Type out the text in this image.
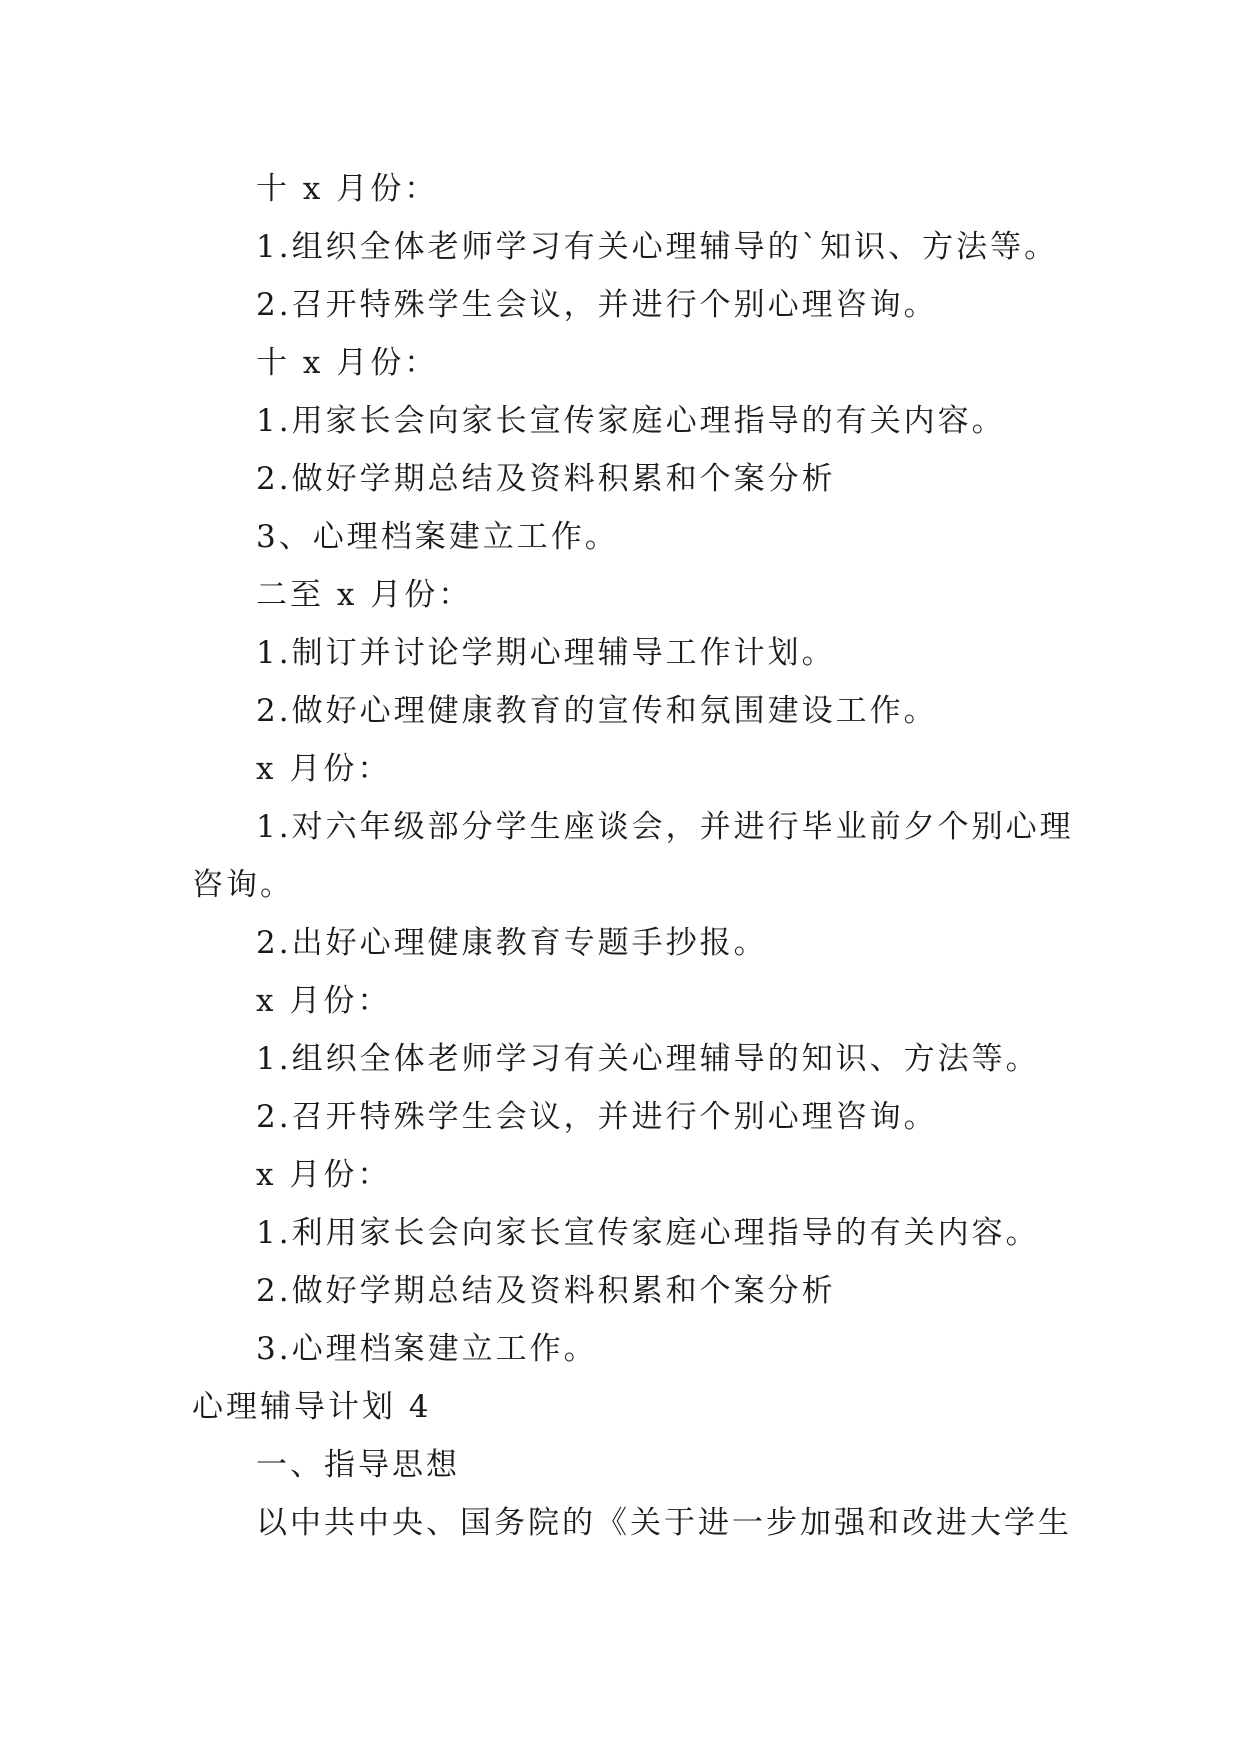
十 x 月份：
1.组织全体老师学习有关心理辅导的`知识、方法等。
2.召开特殊学生会议，并进行个别心理咨询。
十 x 月份：
1.用家长会向家长宣传家庭心理指导的有关内容。
2.做好学期总结及资料积累和个案分析
3、心理档案建立工作。
二至 x 月份：
1.制订并讨论学期心理辅导工作计划。
2.做好心理健康教育的宣传和氛围建设工作。
x 月份：
1.对六年级部分学生座谈会，并进行毕业前夕个别心理
咨询。
2.出好心理健康教育专题手抄报。
x 月份：
1.组织全体老师学习有关心理辅导的知识、方法等。
2.召开特殊学生会议，并进行个别心理咨询。
x 月份：
1.利用家长会向家长宣传家庭心理指导的有关内容。
2.做好学期总结及资料积累和个案分析
3.心理档案建立工作。
心理辅导计划 4
一、指导思想
以中共中央、国务院的《关于进一步加强和改进大学生
